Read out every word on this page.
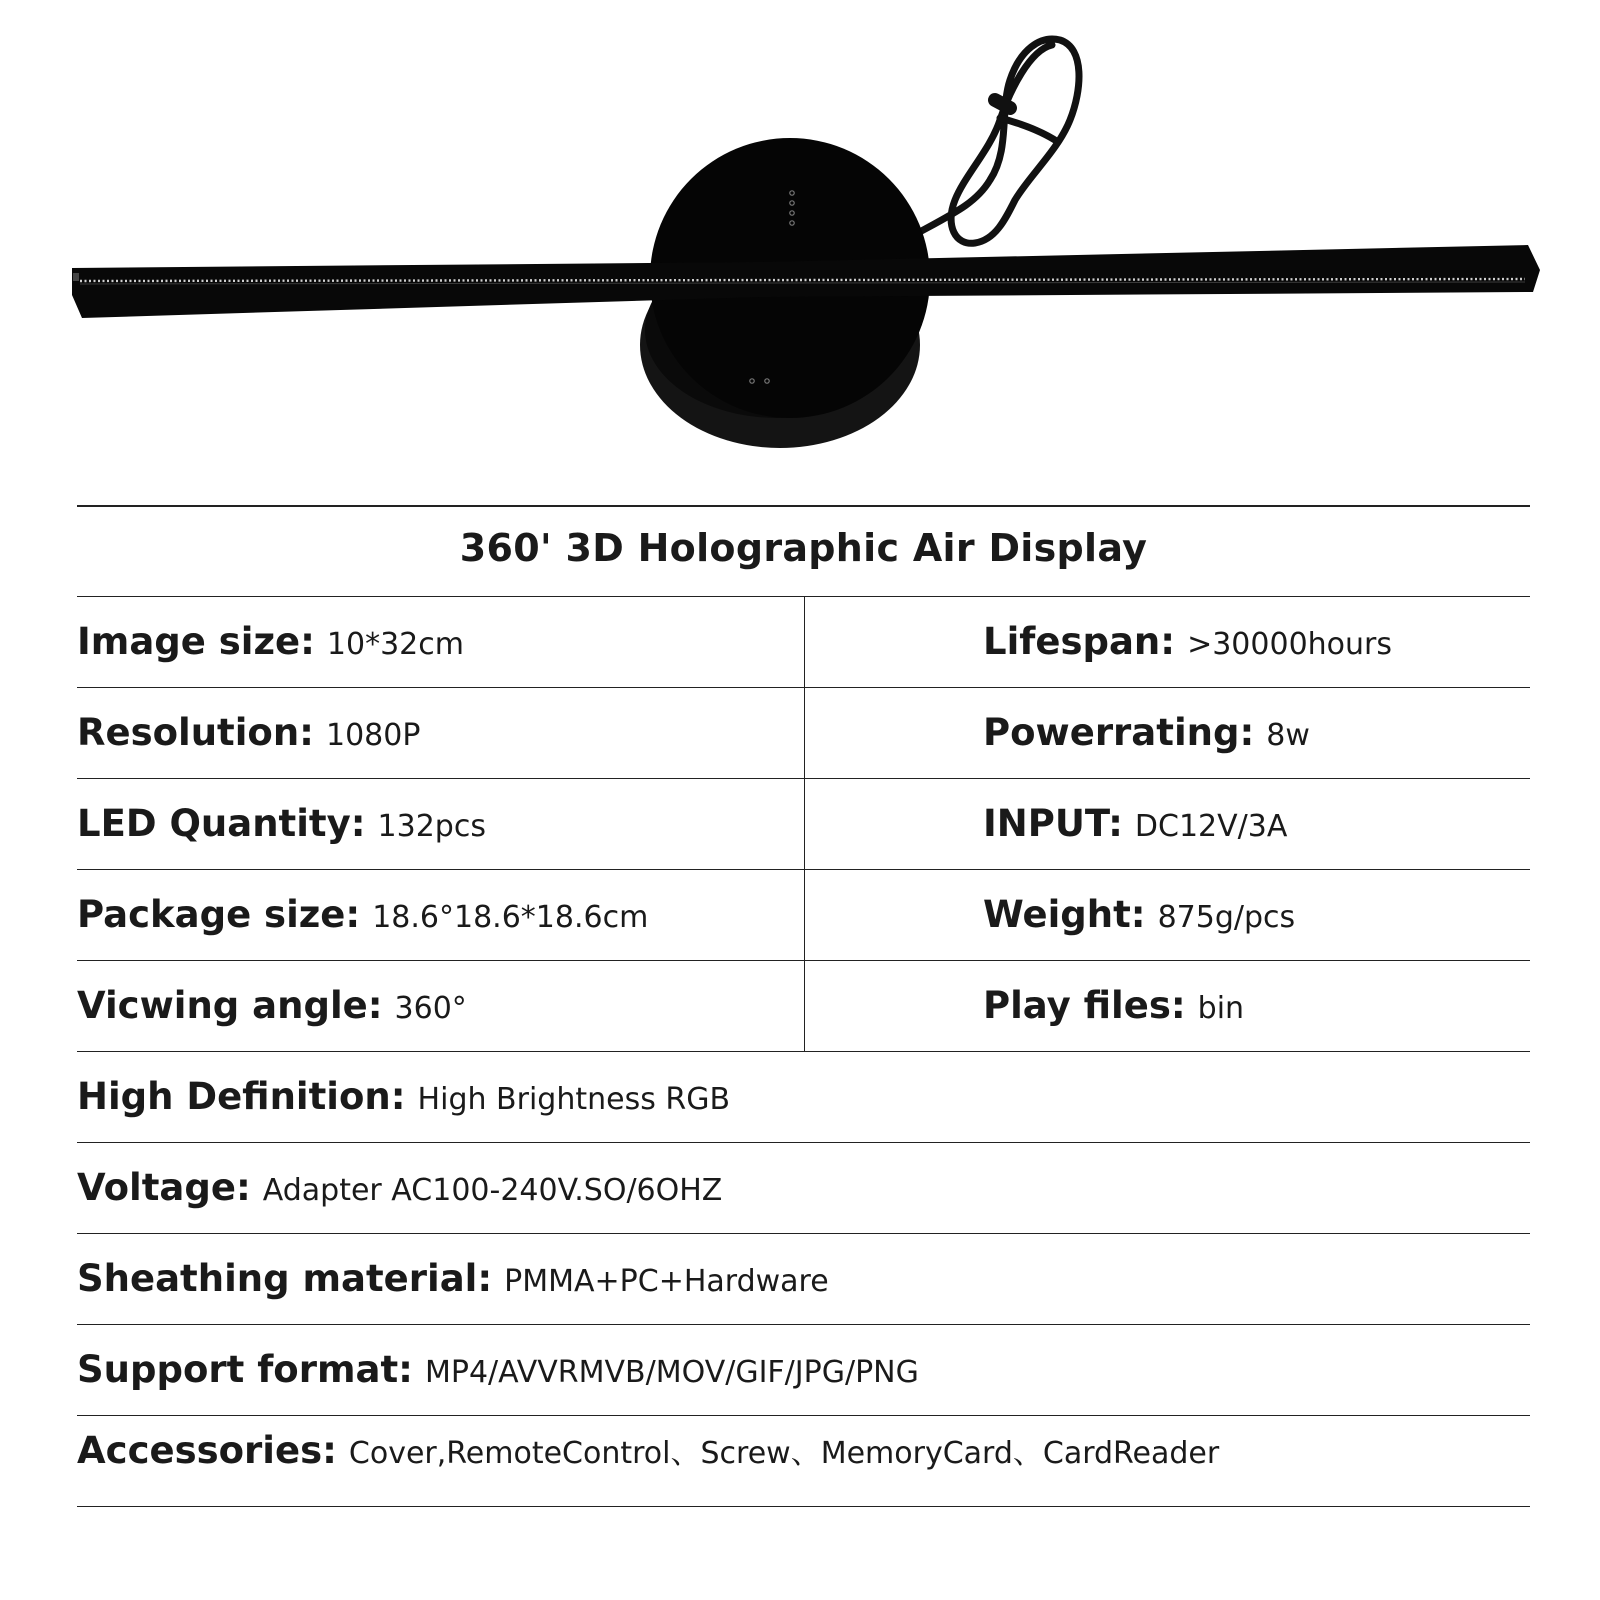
360' 3D Holographic Air Display
Image size: 10*32cm	Lifespan: >30000hours
Resolution: 1080P	Powerrating: 8w
LED Quantity: 132pcs	INPUT: DC12V/3A
Package size: 18.6°18.6*18.6cm	Weight: 875g/pcs
Vicwing angle: 360°	Play files: bin
High Definition: High Brightness RGB
Voltage: Adapter AC100-240V.SO/6OHZ
Sheathing material: PMMA+PC+Hardware
Support format: MP4/AVVRMVB/MOV/GIF/JPG/PNG
Accessories: Cover,RemoteControl、Screw、MemoryCard、CardReader
